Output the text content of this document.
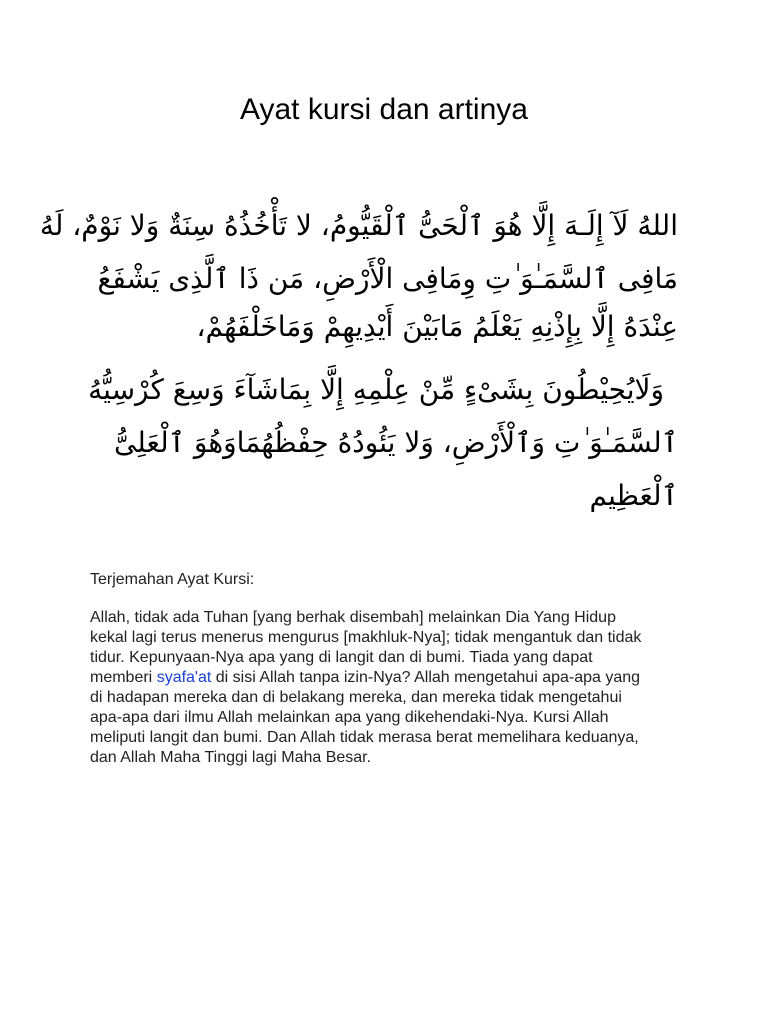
Ayat kursi dan artinya
اللهُ لَآ إِلَـهَ إِلَّا هُوَ ٱلْحَىُّ ٱلْقَيُّومُ، لا تَأْخُذُهُ سِنَةٌ وَلا نَوْمٌ، لَهُ
مَافِى ٱلسَّمَـٰوَ ٰتِ وِمَافِى الْأَرْضِ، مَن ذَا ٱلَّذِى يَشْفَعُ
عِنْدَهُ إِلَّا بِإِذْنِهِ يَعْلَمُ مَابَيْنَ أَيْدِيهِمْ وَمَاخَلْفَهُمْ،
وَلَايُحِيْطُونَ بِشَىْءٍ مِّنْ عِلْمِهِ إِلَّا بِمَاشَآءَ وَسِعَ كُرْسِيُّهُ
ٱلسَّمَـٰوَ ٰتِ وَٱلْأَرْضِ، وَلا يَئُودُهُ حِفْظُهُمَاوَهُوَ ٱلْعَلِىُّ
ٱلْعَظِيم
Terjemahan Ayat Kursi:
Allah, tidak ada Tuhan [yang berhak disembah] melainkan Dia Yang Hidup
kekal lagi terus menerus mengurus [makhluk-Nya]; tidak mengantuk dan tidak
tidur. Kepunyaan-Nya apa yang di langit dan di bumi. Tiada yang dapat
memberi syafa'at di sisi Allah tanpa izin-Nya? Allah mengetahui apa-apa yang
di hadapan mereka dan di belakang mereka, dan mereka tidak mengetahui
apa-apa dari ilmu Allah melainkan apa yang dikehendaki-Nya. Kursi Allah
meliputi langit dan bumi. Dan Allah tidak merasa berat memelihara keduanya,
dan Allah Maha Tinggi lagi Maha Besar.
